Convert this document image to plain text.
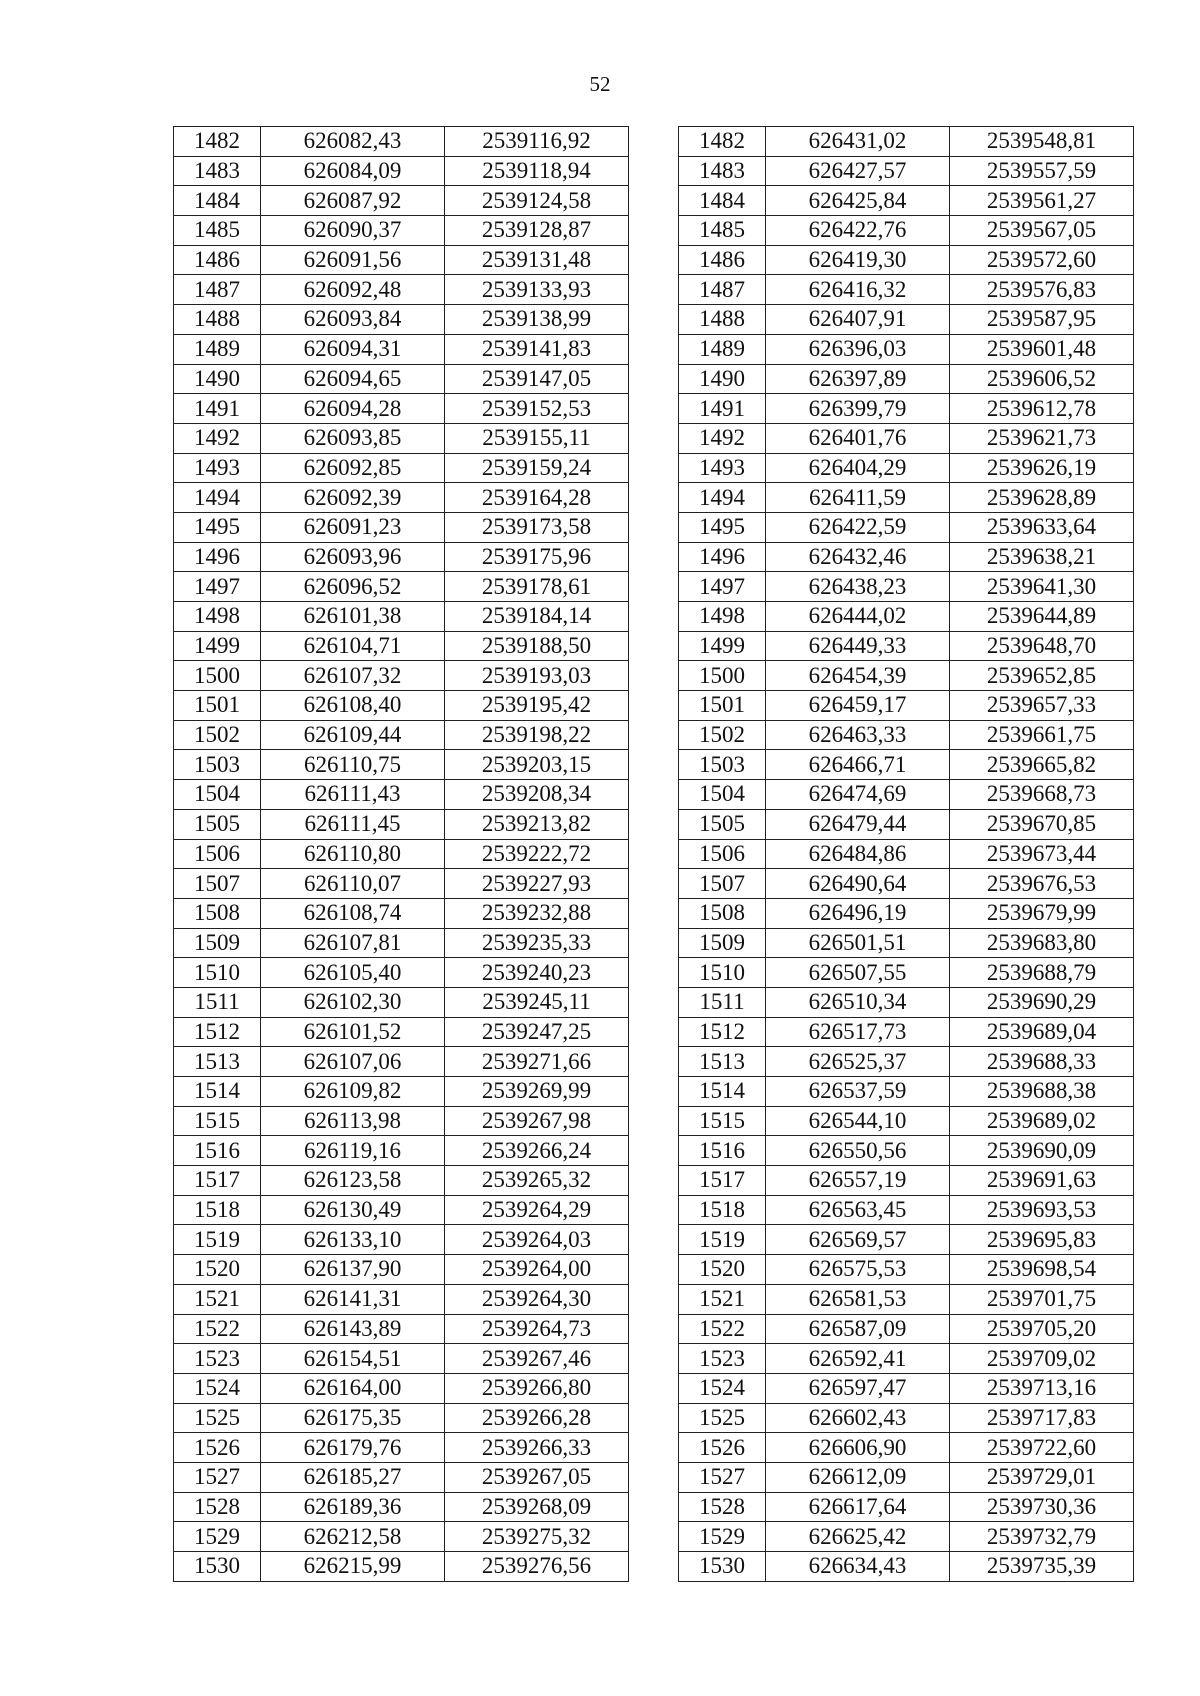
52
1482	626082,43	2539116,92		1482	626431,02	2539548,81
1483	626084,09	2539118,94		1483	626427,57	2539557,59
1484	626087,92	2539124,58		1484	626425,84	2539561,27
1485	626090,37	2539128,87		1485	626422,76	2539567,05
1486	626091,56	2539131,48		1486	626419,30	2539572,60
1487	626092,48	2539133,93		1487	626416,32	2539576,83
1488	626093,84	2539138,99		1488	626407,91	2539587,95
1489	626094,31	2539141,83		1489	626396,03	2539601,48
1490	626094,65	2539147,05		1490	626397,89	2539606,52
1491	626094,28	2539152,53		1491	626399,79	2539612,78
1492	626093,85	2539155,11		1492	626401,76	2539621,73
1493	626092,85	2539159,24		1493	626404,29	2539626,19
1494	626092,39	2539164,28		1494	626411,59	2539628,89
1495	626091,23	2539173,58		1495	626422,59	2539633,64
1496	626093,96	2539175,96		1496	626432,46	2539638,21
1497	626096,52	2539178,61		1497	626438,23	2539641,30
1498	626101,38	2539184,14		1498	626444,02	2539644,89
1499	626104,71	2539188,50		1499	626449,33	2539648,70
1500	626107,32	2539193,03		1500	626454,39	2539652,85
1501	626108,40	2539195,42		1501	626459,17	2539657,33
1502	626109,44	2539198,22		1502	626463,33	2539661,75
1503	626110,75	2539203,15		1503	626466,71	2539665,82
1504	626111,43	2539208,34		1504	626474,69	2539668,73
1505	626111,45	2539213,82		1505	626479,44	2539670,85
1506	626110,80	2539222,72		1506	626484,86	2539673,44
1507	626110,07	2539227,93		1507	626490,64	2539676,53
1508	626108,74	2539232,88		1508	626496,19	2539679,99
1509	626107,81	2539235,33		1509	626501,51	2539683,80
1510	626105,40	2539240,23		1510	626507,55	2539688,79
1511	626102,30	2539245,11		1511	626510,34	2539690,29
1512	626101,52	2539247,25		1512	626517,73	2539689,04
1513	626107,06	2539271,66		1513	626525,37	2539688,33
1514	626109,82	2539269,99		1514	626537,59	2539688,38
1515	626113,98	2539267,98		1515	626544,10	2539689,02
1516	626119,16	2539266,24		1516	626550,56	2539690,09
1517	626123,58	2539265,32		1517	626557,19	2539691,63
1518	626130,49	2539264,29		1518	626563,45	2539693,53
1519	626133,10	2539264,03		1519	626569,57	2539695,83
1520	626137,90	2539264,00		1520	626575,53	2539698,54
1521	626141,31	2539264,30		1521	626581,53	2539701,75
1522	626143,89	2539264,73		1522	626587,09	2539705,20
1523	626154,51	2539267,46		1523	626592,41	2539709,02
1524	626164,00	2539266,80		1524	626597,47	2539713,16
1525	626175,35	2539266,28		1525	626602,43	2539717,83
1526	626179,76	2539266,33		1526	626606,90	2539722,60
1527	626185,27	2539267,05		1527	626612,09	2539729,01
1528	626189,36	2539268,09		1528	626617,64	2539730,36
1529	626212,58	2539275,32		1529	626625,42	2539732,79
1530	626215,99	2539276,56		1530	626634,43	2539735,39
